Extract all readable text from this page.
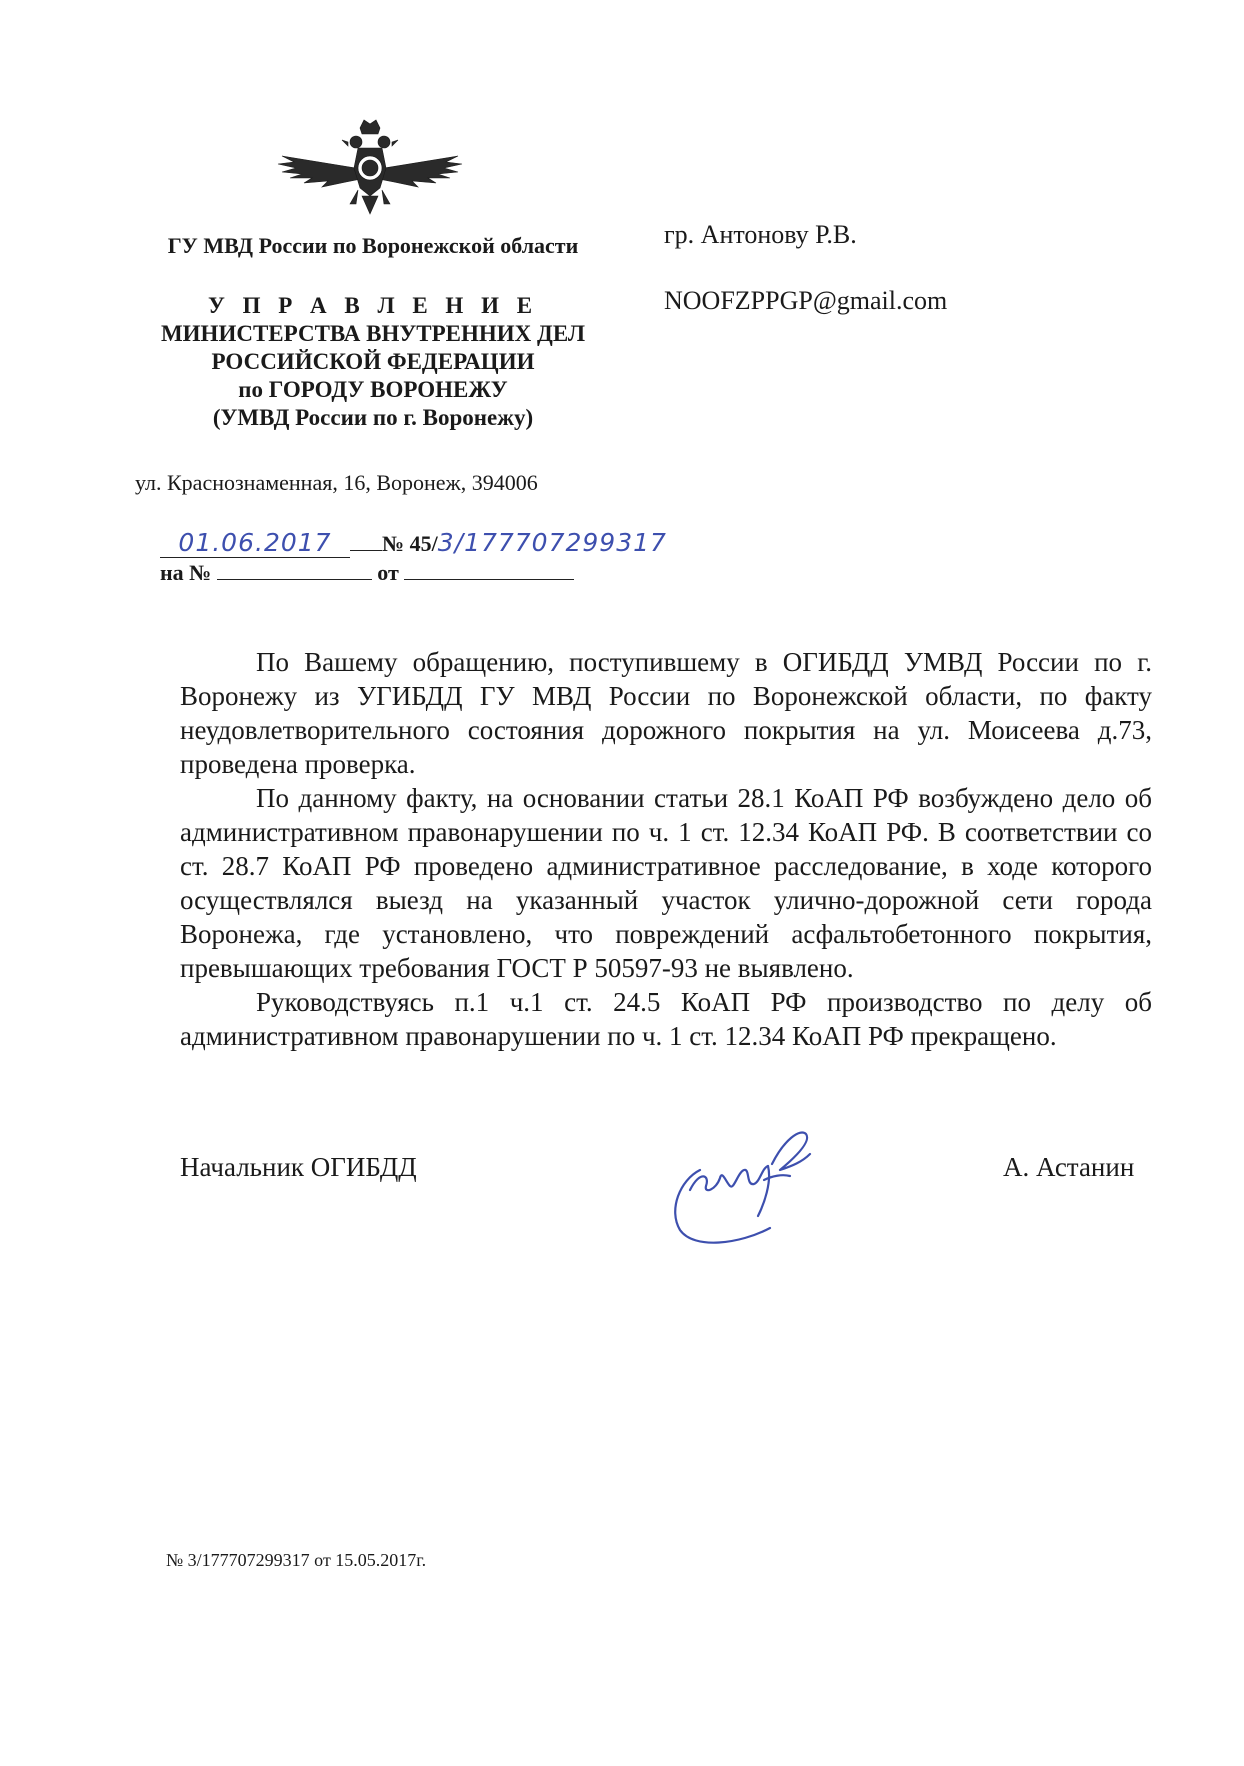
ГУ МВД России по Воронежской области
У П Р А В Л Е Н И Е
МИНИСТЕРСТВА ВНУТРЕННИХ ДЕЛ
РОССИЙСКОЙ ФЕДЕРАЦИИ
по ГОРОДУ ВОРОНЕЖУ
(УМВД России по г. Воронежу)
ул. Краснознаменная, 16, Воронеж, 394006
01.06.2017 № 45/3/177707299317
на №	от
гр. Антонову Р.В.
NOOFZPPGP@gmail.com

По Вашему обращению, поступившему в ОГИБДД УМВД России по г. Воронежу из УГИБДД ГУ МВД России по Воронежской области, по факту неудовлетворительного состояния дорожного покрытия на ул. Моисеева д.73, проведена проверка.

По данному факту, на основании статьи 28.1 КоАП РФ возбуждено дело об административном правонарушении по ч. 1 ст. 12.34 КоАП РФ. В соответствии со ст. 28.7 КоАП РФ проведено административное расследование, в ходе которого осуществлялся выезд на указанный участок улично-дорожной сети города Воронежа, где установлено, что повреждений асфальтобетонного покрытия, превышающих требования ГОСТ Р 50597-93 не выявлено.

Руководствуясь п.1 ч.1 ст. 24.5 КоАП РФ производство по делу об административном правонарушении по ч. 1 ст. 12.34 КоАП РФ прекращено.

Начальник ОГИБДД	А. Астанин
№ 3/177707299317 от 15.05.2017г.
